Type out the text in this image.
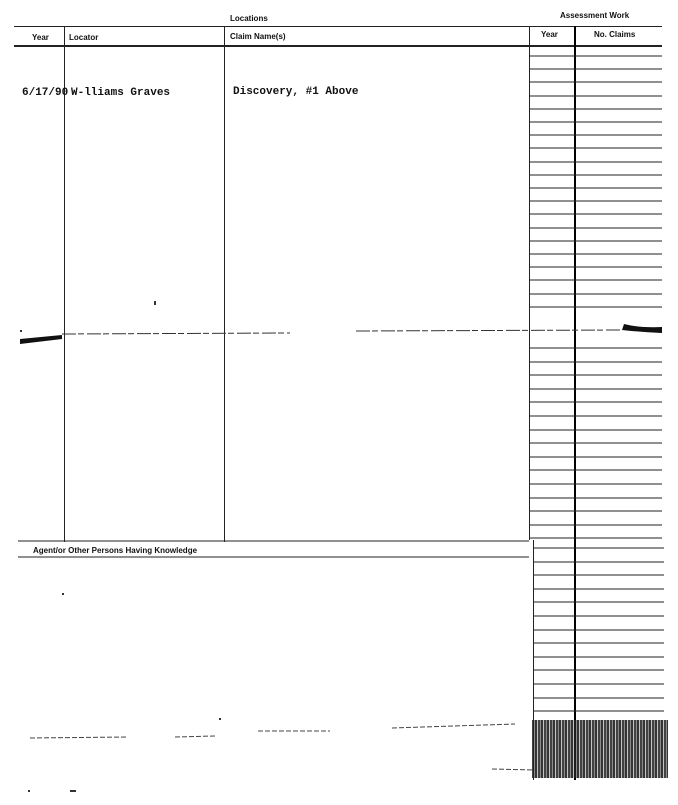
Locations	Assessment Work
Year	Locator	Claim Name(s)	Year	No. Claims
6/17/90 W-lliams Graves	Discovery, #1 Above
Agent/or Other Persons Having Knowledge
